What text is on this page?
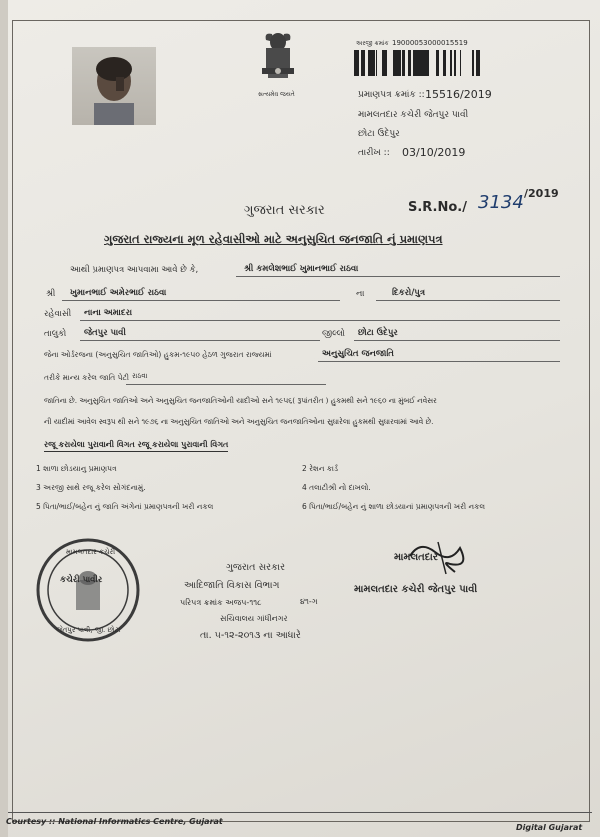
સત્યમેવ જયતે
અરજી ક્રમાંક 19000053000015519
પ્રમાણપત્ર ક્રમાંક :: 15516/2019
મામલતદાર કચેરી જેતપુર પાવી
છોટા ઉદેપુર
તારીખ :: 03/10/2019
ગુજરાત સરકાર	S.R.No./ 3134 /2019
ગુજરાત રાજ્યના મૂળ રહેવાસીઓ માટે અનુસુચિત જનજાતિ નું પ્રમાણપત્ર
આથી પ્રમાણપત્ર આપવામા આવે છે કે,	શ્રી કમલેશભાઈ ખુમાનભાઈ રાઠવા
શ્રી ખુમાનભાઈ અમેરભાઈ રાઠવા	ના	દિકરો/પુત્ર
રહેવાસી નાના અમાદરા
તાલુકો જેતપુર પાવી	જીલ્લો છોટા ઉદેપુર
જેના ઓર્ડરજના (અનુસુચિત જાતિઓ) હુકમ-૧૯૫૦ હેઠળ ગુજરાત રાજ્યમાં	અનુસુચિત જનજાતિ
તરીકે માન્ય કરેલ જાતિ પેટી રાઠવા
જાતિના છે. અનુસુચિત જાતિઓ અને અનુસુચિત જનજાતિઓની યાદીઓ સને ૧૯૫૬( રૂપાંતરીત ) હુકમથી સને ૧૯૬૦ ના મુંબઈ નવેસર
ની યાદીમાં આવેલ સ્વરૂપ થી સને ૧૯૭૬ ના અનુસુચિત જાતિઓ અને અનુસુચિત જનજાતિઓના સુધારેલા હુકમથી સુધારવામાં આવે છે.
રજૂ કરાયેલા પુરાવાની વિગત રજૂ કરાયેલા પુરાવાની વિગત
1 શાળા છોડયાનુ પ્રમાણપત્ર	2 રેશન કાર્ડ
3 અરજી સાથે રજૂ કરેલ સોગંદનામું.	4 તલાટીશ્રી નો દાખલો.
5 પિતા/ભાઈ/બહેન નું જાતિ અંગેનાં પ્રમાણપત્રની ખરી નકલ	6 પિતા/ભાઈ/બહેન નું શાળા છોડયાનાં પ્રમાણપત્રની ખરી નકલ
મામલતદાર કચેરી
કચેરી પાવીર
જેતપુર પાવી, જી. છોટા
ગુજરાત સરકાર
આદિજાતિ વિકાસ વિભાગ
પરિપત્ર ક્રમાંક અજપ-૧૧૮	૪૧-ગ
સચિવાલય ગાંધીનગર
તા. ૫-૧૨-૨૦૧૩ ના આધારે
મામલતદાર
મામલતદાર કચેરી જેતપુર પાવી
Courtesy :: National Informatics Centre, Gujarat
Digital Gujarat
